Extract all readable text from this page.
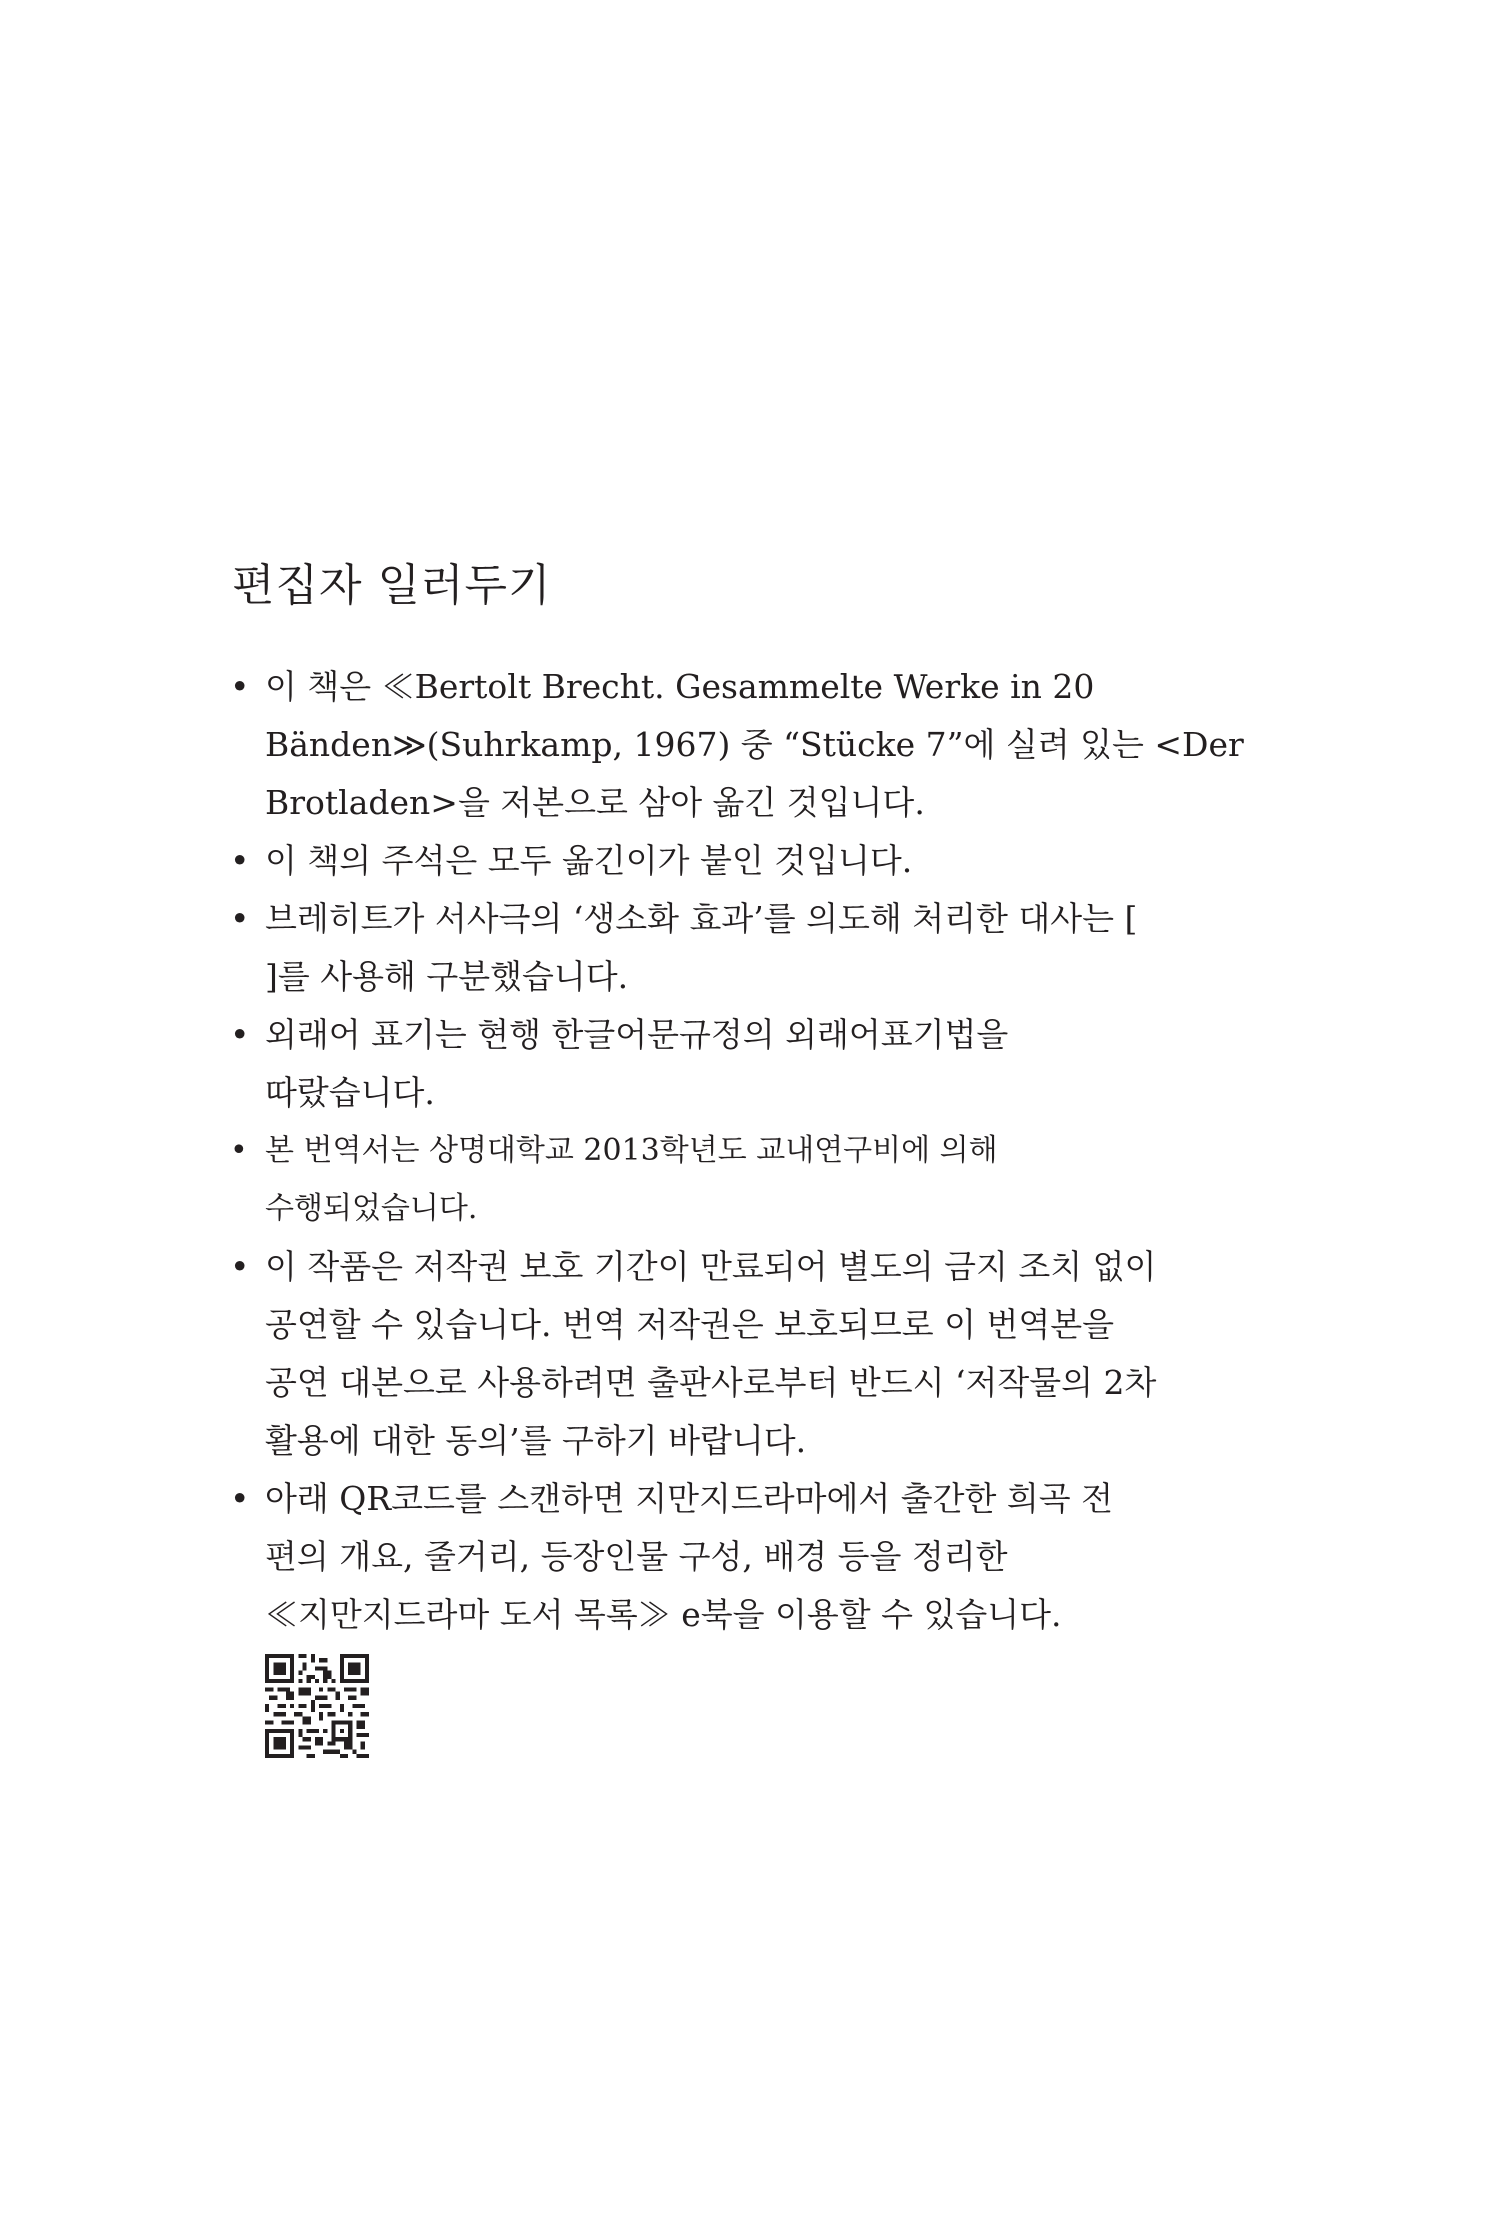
편집자 일러두기
• 이 책은 ≪Bertolt Brecht. Gesammelte Werke in 20
Bänden≫(Suhrkamp, 1967) 중 “Stücke 7”에 실려 있는 <Der
Brotladen>을 저본으로 삼아 옮긴 것입니다.
• 이 책의 주석은 모두 옮긴이가 붙인 것입니다.
• 브레히트가 서사극의 ‘생소화 효과’를 의도해 처리한 대사는 [
]를 사용해 구분했습니다.
• 외래어 표기는 현행 한글어문규정의 외래어표기법을
따랐습니다.
• 본 번역서는 상명대학교 2013학년도 교내연구비에 의해
수행되었습니다.
• 이 작품은 저작권 보호 기간이 만료되어 별도의 금지 조치 없이
공연할 수 있습니다. 번역 저작권은 보호되므로 이 번역본을
공연 대본으로 사용하려면 출판사로부터 반드시 ‘저작물의 2차
활용에 대한 동의’를 구하기 바랍니다.
• 아래 QR코드를 스캔하면 지만지드라마에서 출간한 희곡 전
편의 개요, 줄거리, 등장인물 구성, 배경 등을 정리한
≪지만지드라마 도서 목록≫ e북을 이용할 수 있습니다.
